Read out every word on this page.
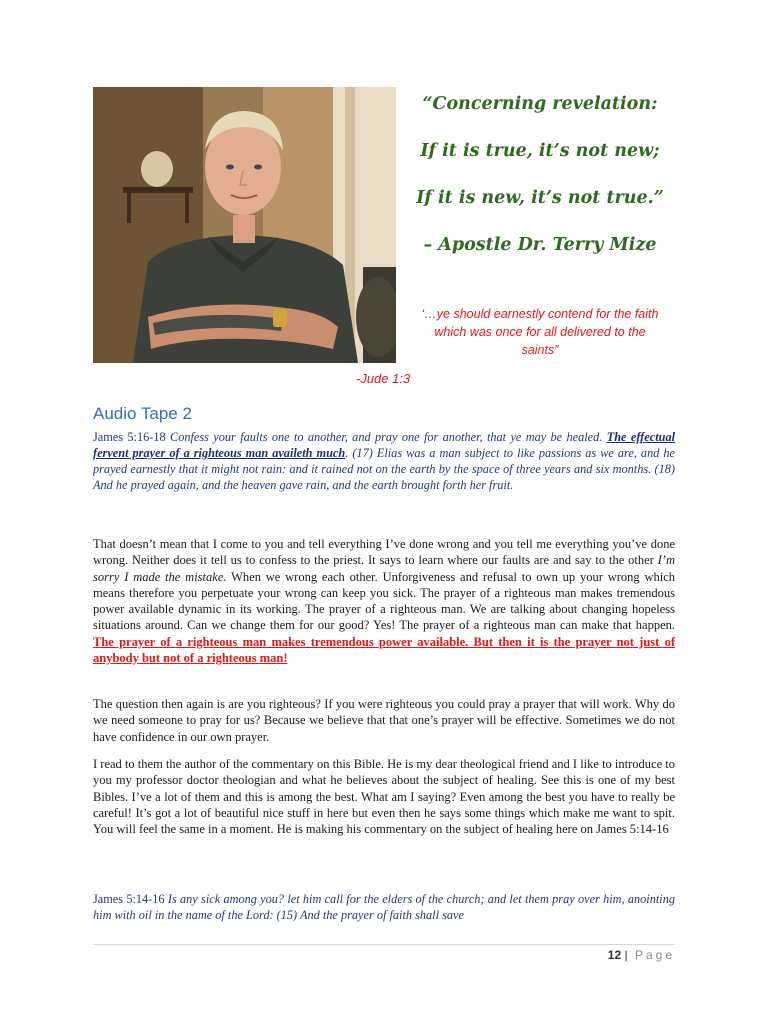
“Concerning revelation:
If it is true, it’s not new;
If it is new, it’s not true.”
– Apostle Dr. Terry Mize
‘…ye should earnestly contend for the faith
which was once for all delivered to the
saints”
-Jude 1:3
Audio Tape 2
James 5:16-18 Confess your faults one to another, and pray one for another, that ye may be healed. The effectual fervent prayer of a righteous man availeth much. (17) Elias was a man subject to like passions as we are, and he prayed earnestly that it might not rain: and it rained not on the earth by the space of three years and six months. (18) And he prayed again, and the heaven gave rain, and the earth brought forth her fruit.

That doesn’t mean that I come to you and tell everything I’ve done wrong and you tell me everything you’ve done wrong. Neither does it tell us to confess to the priest. It says to learn where our faults are and say to the other I’m sorry I made the mistake. When we wrong each other. Unforgiveness and refusal to own up your wrong which means therefore you perpetuate your wrong can keep you sick. The prayer of a righteous man makes tremendous power available dynamic in its working. The prayer of a righteous man. We are talking about changing hopeless situations around. Can we change them for our good? Yes! The prayer of a righteous man can make that happen. The prayer of a righteous man makes tremendous power available. But then it is the prayer not just of anybody but not of a righteous man!

The question then again is are you righteous? If you were righteous you could pray a prayer that will work. Why do we need someone to pray for us? Because we believe that that one’s prayer will be effective. Sometimes we do not have confidence in our own prayer.

I read to them the author of the commentary on this Bible. He is my dear theological friend and I like to introduce to you my professor doctor theologian and what he believes about the subject of healing. See this is one of my best Bibles. I’ve a lot of them and this is among the best. What am I saying? Even among the best you have to really be careful! It’s got a lot of beautiful nice stuff in here but even then he says some things which make me want to spit. You will feel the same in a moment. He is making his commentary on the subject of healing here on James 5:14-16

James 5:14-16 Is any sick among you? let him call for the elders of the church; and let them pray over him, anointing him with oil in the name of the Lord: (15) And the prayer of faith shall save
12 | Page
